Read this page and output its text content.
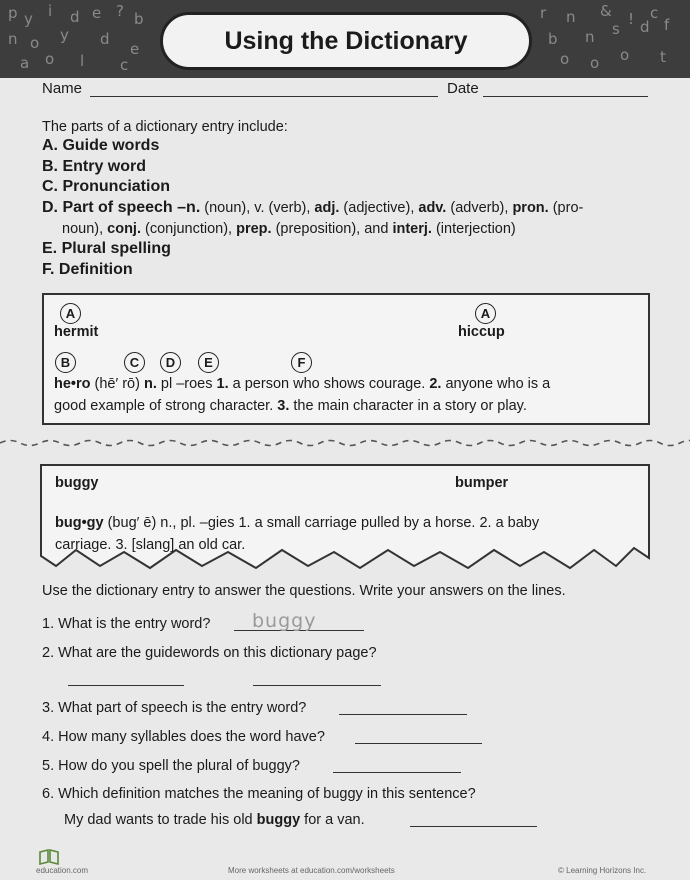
p y i d e ? b
n o y d
e
r n & ! c
b n s d f
o	o t
a	l c
o	o
Using the Dictionary
Name	Date
The parts of a dictionary entry include:
A. Guide words
B. Entry word
C. Pronunciation
D. Part of speech –n. (noun), v. (verb), adj. (adjective), adv. (adverb), pron. (pro-
noun), conj. (conjunction), prep. (preposition), and interj. (interjection)
E. Plural spelling
F. Definition
A	A
hermit	hiccup
B	C	D	E	F
he•ro (hē′ rō) n. pl –roes 1. a person who shows courage. 2. anyone who is a
good example of strong character. 3. the main character in a story or play.
buggy	bumper
bug•gy (bug′ ē) n., pl. –gies 1. a small carriage pulled by a horse. 2. a baby
carriage. 3. [slang] an old car.
Use the dictionary entry to answer the questions. Write your answers on the lines.
1. What is the entry word? buggy
2. What are the guidewords on this dictionary page?
3. What part of speech is the entry word?
4. How many syllables does the word have?
5. How do you spell the plural of buggy?
6. Which definition matches the meaning of buggy in this sentence?
My dad wants to trade his old buggy for a van.
education.com	More worksheets at education.com/worksheets	© Learning Horizons Inc.
